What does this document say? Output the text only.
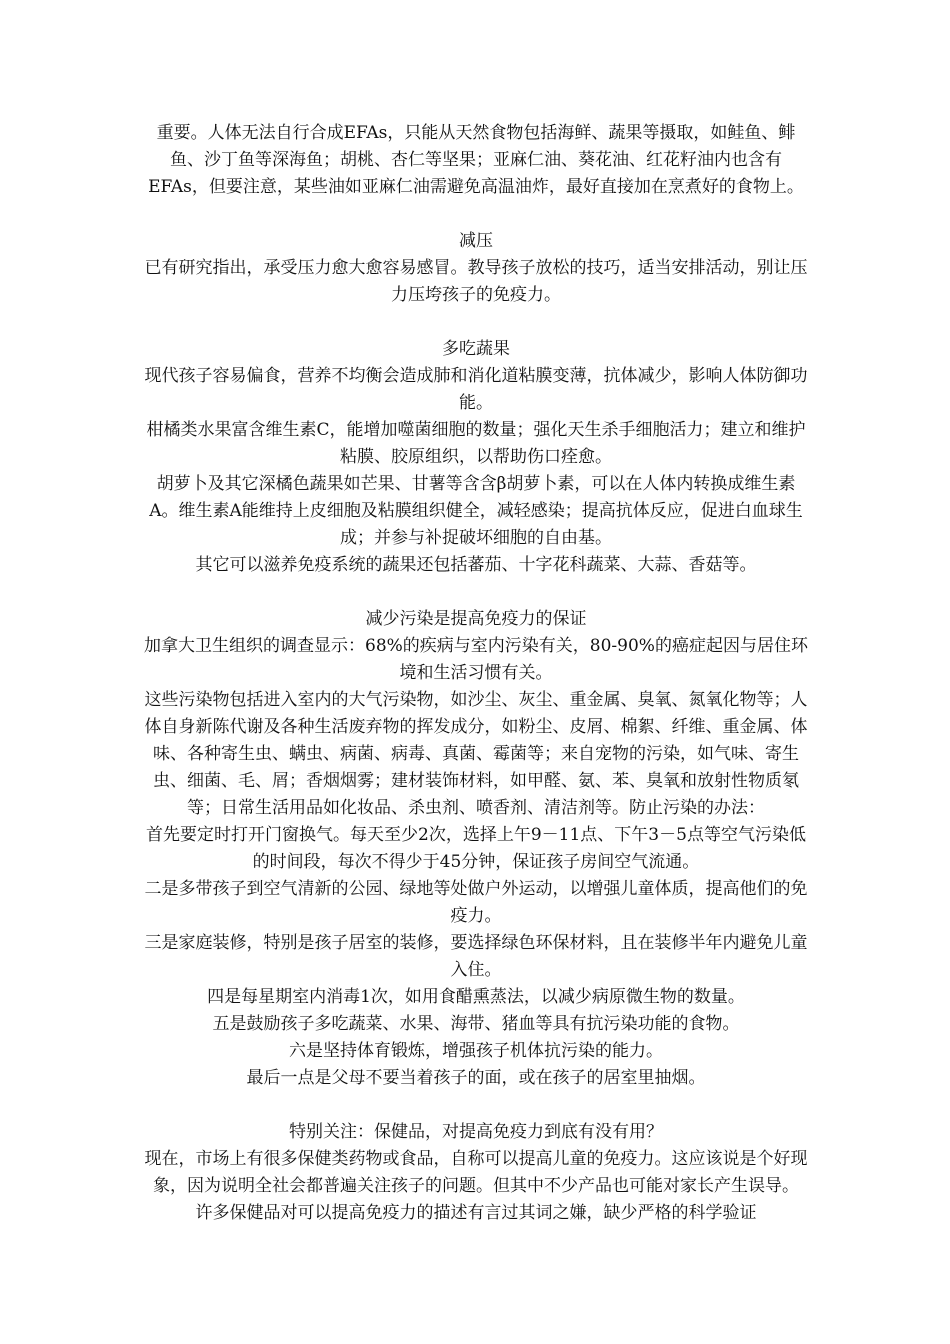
重要。人体无法自行合成EFAs，只能从天然食物包括海鲜、蔬果等摄取，如鲑鱼、鲱鱼、沙丁鱼等深海鱼；胡桃、杏仁等坚果；亚麻仁油、葵花油、红花籽油内也含有EFAs，但要注意，某些油如亚麻仁油需避免高温油炸，最好直接加在烹煮好的食物上。

减压

已有研究指出，承受压力愈大愈容易感冒。教导孩子放松的技巧，适当安排活动，别让压力压垮孩子的免疫力。

多吃蔬果

现代孩子容易偏食，营养不均衡会造成肺和消化道粘膜变薄，抗体减少，影响人体防御功能。

柑橘类水果富含维生素C，能增加噬菌细胞的数量；强化天生杀手细胞活力；建立和维护粘膜、胶原组织，以帮助伤口痊愈。

胡萝卜及其它深橘色蔬果如芒果、甘薯等含含β胡萝卜素，可以在人体内转换成维生素A。维生素A能维持上皮细胞及粘膜组织健全，减轻感染；提高抗体反应，促进白血球生成；并参与补捉破坏细胞的自由基。

其它可以滋养免疫系统的蔬果还包括蕃茄、十字花科蔬菜、大蒜、香菇等。

减少污染是提高免疫力的保证

加拿大卫生组织的调查显示：68%的疾病与室内污染有关，80-90%的癌症起因与居住环境和生活习惯有关。

这些污染物包括进入室内的大气污染物，如沙尘、灰尘、重金属、臭氧、氮氧化物等；人体自身新陈代谢及各种生活废弃物的挥发成分，如粉尘、皮屑、棉絮、纤维、重金属、体味、各种寄生虫、螨虫、病菌、病毒、真菌、霉菌等；来自宠物的污染，如气味、寄生虫、细菌、毛、屑；香烟烟雾；建材装饰材料，如甲醛、氨、苯、臭氧和放射性物质氡等；日常生活用品如化妆品、杀虫剂、喷香剂、清洁剂等。防止污染的办法：

首先要定时打开门窗换气。每天至少2次，选择上午9－11点、下午3－5点等空气污染低的时间段，每次不得少于45分钟，保证孩子房间空气流通。

二是多带孩子到空气清新的公园、绿地等处做户外运动，以增强儿童体质，提高他们的免疫力。

三是家庭装修，特别是孩子居室的装修，要选择绿色环保材料，且在装修半年内避免儿童入住。

四是每星期室内消毒1次，如用食醋熏蒸法，以减少病原微生物的数量。

五是鼓励孩子多吃蔬菜、水果、海带、猪血等具有抗污染功能的食物。

六是坚持体育锻炼，增强孩子机体抗污染的能力。

最后一点是父母不要当着孩子的面，或在孩子的居室里抽烟。

特别关注：保健品，对提高免疫力到底有没有用？

现在，市场上有很多保健类药物或食品，自称可以提高儿童的免疫力。这应该说是个好现象，因为说明全社会都普遍关注孩子的问题。但其中不少产品也可能对家长产生误导。

许多保健品对可以提高免疫力的描述有言过其词之嫌，缺少严格的科学验证
